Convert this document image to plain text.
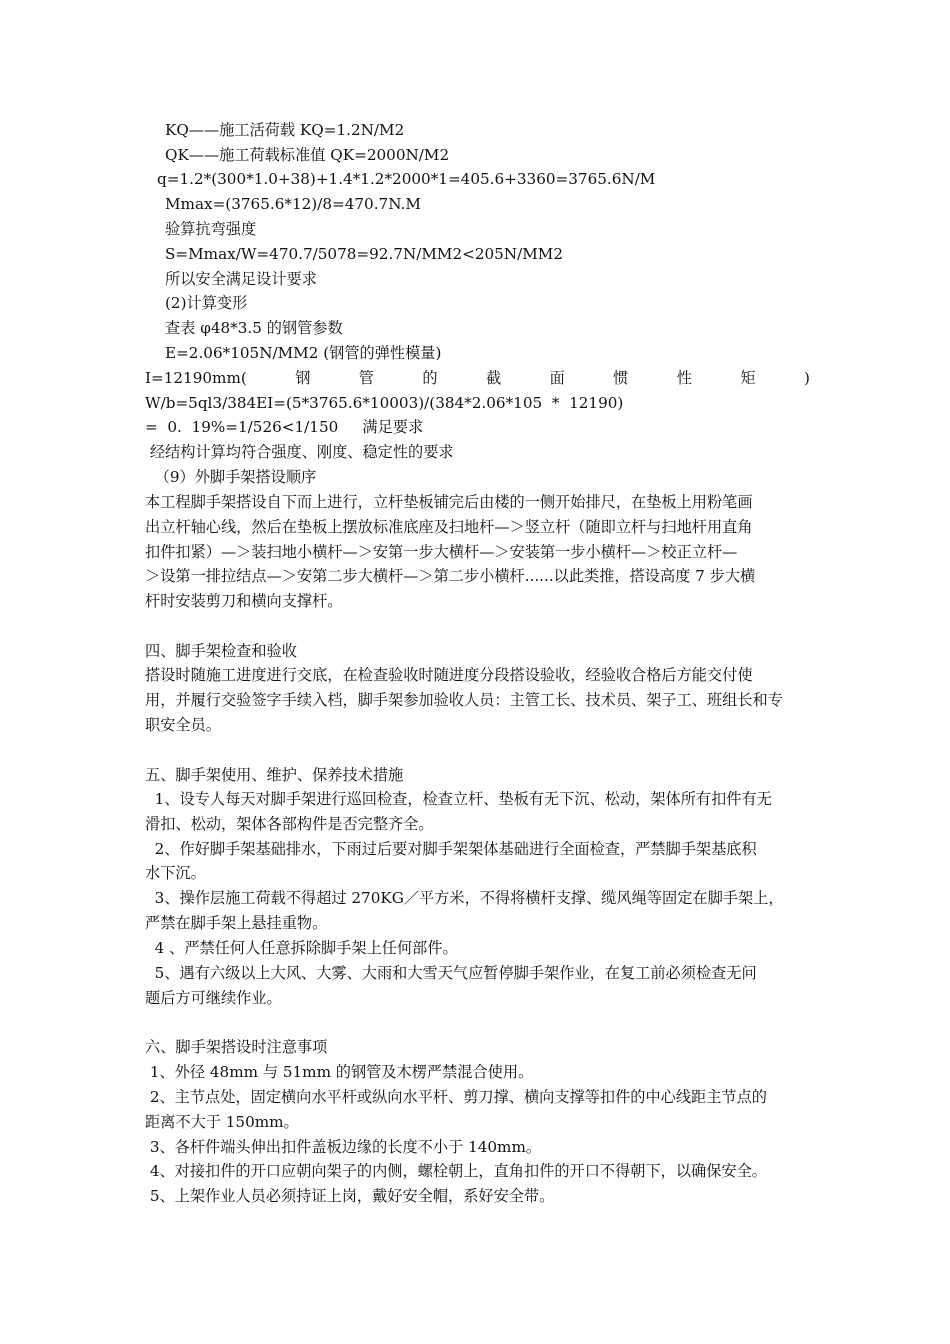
KQ——施工活荷载 KQ=1.2N/M2
QK——施工荷载标准值 QK=2000N/M2
q=1.2*(300*1.0+38)+1.4*1.2*2000*1=405.6+3360=3765.6N/M
Mmax=(3765.6*12)/8=470.7N.M
验算抗弯强度
S=Mmax/W=470.7/5078=92.7N/MM2<205N/MM2
所以安全满足设计要求
(2)计算变形
查表 φ48*3.5 的钢管参数
E=2.06*105N/MM2 (钢管的弹性模量)
I=12190mm(	钢	管	的	截	面	惯	性	矩	)
W/b=5ql3/384EI=(5*3765.6*10003)/(384*2.06*105  *  12190)
=  0.  19%=1/526<1/150     满足要求
经结构计算均符合强度、刚度、稳定性的要求
（9）外脚手架搭设顺序
本工程脚手架搭设自下而上进行，立杆垫板铺完后由楼的一侧开始排尺，在垫板上用粉笔画
出立杆轴心线，然后在垫板上摆放标准底座及扫地杆—＞竖立杆（随即立杆与扫地杆用直角
扣件扣紧）—＞装扫地小横杆—＞安第一步大横杆—＞安装第一步小横杆—＞校正立杆—
＞设第一排拉结点—＞安第二步大横杆—＞第二步小横杆......以此类推，搭设高度 7 步大横
杆时安装剪刀和横向支撑杆。
四、脚手架检查和验收
搭设时随施工进度进行交底，在检查验收时随进度分段搭设验收，经验收合格后方能交付使
用，并履行交验签字手续入档，脚手架参加验收人员：主管工长、技术员、架子工、班组长和专
职安全员。
五、脚手架使用、维护、保养技术措施
1、设专人每天对脚手架进行巡回检查，检查立杆、垫板有无下沉、松动，架体所有扣件有无
滑扣、松动，架体各部构件是否完整齐全。
2、作好脚手架基础排水，下雨过后要对脚手架架体基础进行全面检查，严禁脚手架基底积
水下沉。
3、操作层施工荷载不得超过 270KG／平方米，不得将横杆支撑、缆风绳等固定在脚手架上，
严禁在脚手架上悬挂重物。
4 、严禁任何人任意拆除脚手架上任何部件。
5、遇有六级以上大风、大雾、大雨和大雪天气应暂停脚手架作业，在复工前必须检查无问
题后方可继续作业。
六、脚手架搭设时注意事项
1、外径 48mm 与 51mm 的钢管及木楞严禁混合使用。
2、主节点处，固定横向水平杆或纵向水平杆、剪刀撑、横向支撑等扣件的中心线距主节点的
距离不大于 150mm。
3、各杆件端头伸出扣件盖板边缘的长度不小于 140mm。
4、对接扣件的开口应朝向架子的内侧，螺栓朝上，直角扣件的开口不得朝下，以确保安全。
5、上架作业人员必须持证上岗，戴好安全帽，系好安全带。
